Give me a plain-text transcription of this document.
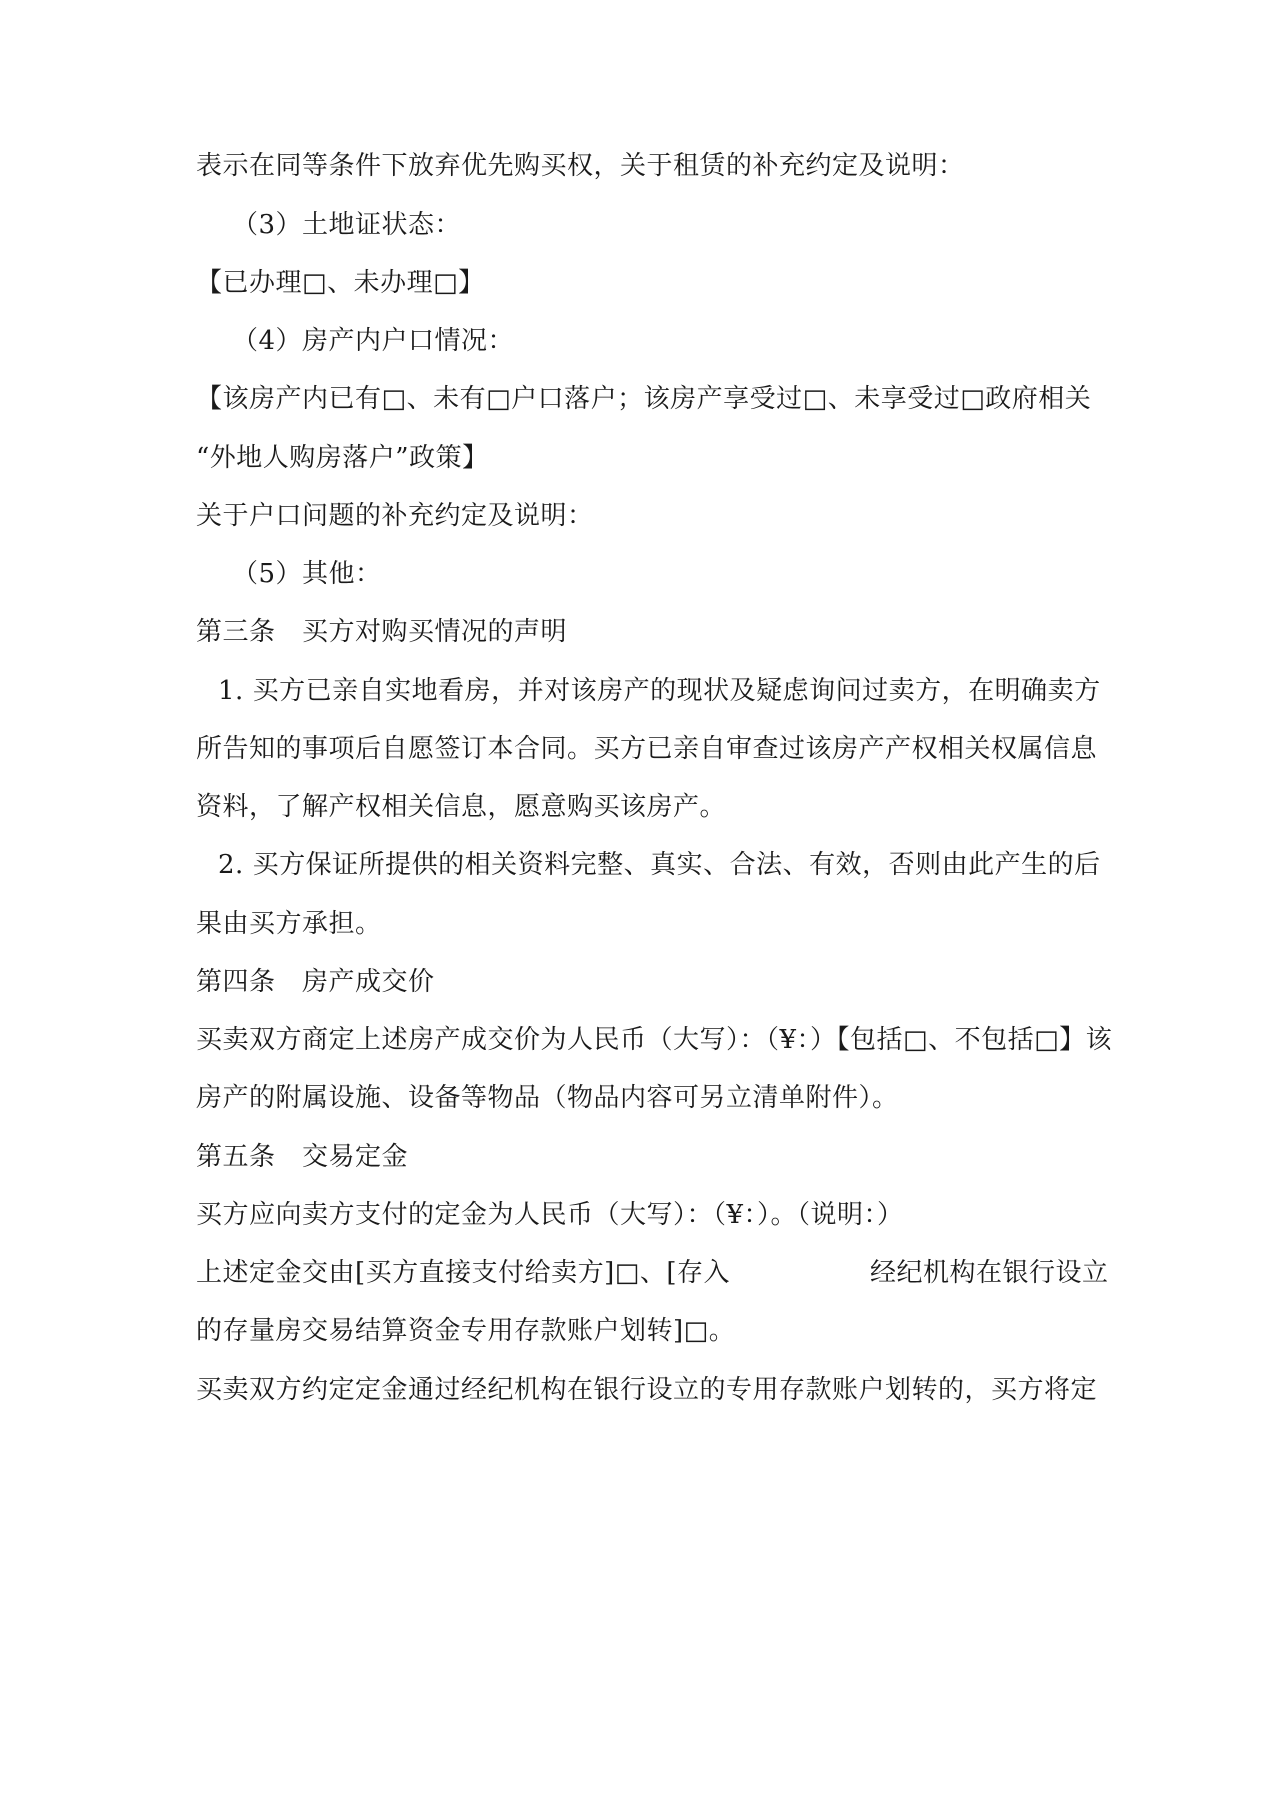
表示在同等条件下放弃优先购买权，关于租赁的补充约定及说明：
（3）土地证状态：
【已办理□、未办理□】
（4）房产内户口情况：
【该房产内已有□、未有□户口落户；该房产享受过□、未享受过□政府相关
“外地人购房落户”政策】
关于户口问题的补充约定及说明：
（5）其他：
第三条　买方对购买情况的声明
1. 买方已亲自实地看房，并对该房产的现状及疑虑询问过卖方，在明确卖方
所告知的事项后自愿签订本合同。买方已亲自审查过该房产产权相关权属信息
资料，了解产权相关信息，愿意购买该房产。
2. 买方保证所提供的相关资料完整、真实、合法、有效，否则由此产生的后
果由买方承担。
第四条　房产成交价
买卖双方商定上述房产成交价为人民币（大写）：（¥：）【包括□、不包括□】该
房产的附属设施、设备等物品（物品内容可另立清单附件）。
第五条　交易定金
买方应向卖方支付的定金为人民币（大写）：（¥：）。（说明：）
上述定金交由[买方直接支付给卖方]□、[存入	经纪机构在银行设立
的存量房交易结算资金专用存款账户划转]□。
买卖双方约定定金通过经纪机构在银行设立的专用存款账户划转的，买方将定
